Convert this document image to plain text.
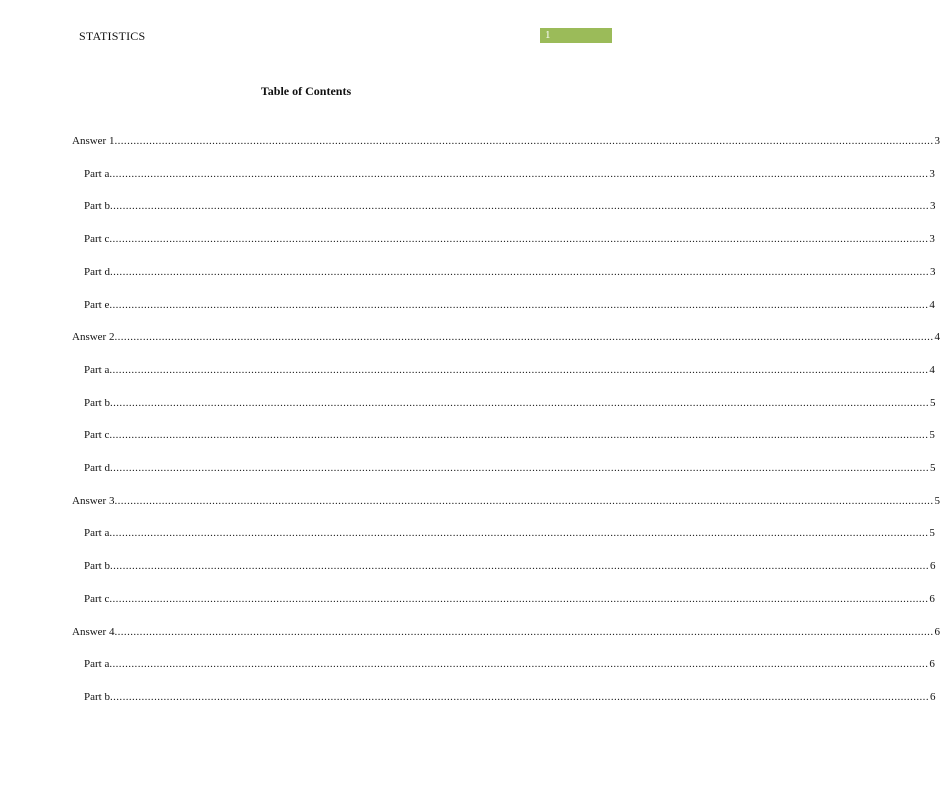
STATISTICS	1
Table of Contents
Answer 1 .................................................................................................................................................................................................................................................................... 3
Part a .................................................................................................................................................................................................................................................................... 3
Part b .................................................................................................................................................................................................................................................................... 3
Part c .................................................................................................................................................................................................................................................................... 3
Part d .................................................................................................................................................................................................................................................................... 3
Part e .................................................................................................................................................................................................................................................................... 4
Answer 2 .................................................................................................................................................................................................................................................................... 4
Part a .................................................................................................................................................................................................................................................................... 4
Part b .................................................................................................................................................................................................................................................................... 5
Part c .................................................................................................................................................................................................................................................................... 5
Part d .................................................................................................................................................................................................................................................................... 5
Answer 3 .................................................................................................................................................................................................................................................................... 5
Part a .................................................................................................................................................................................................................................................................... 5
Part b .................................................................................................................................................................................................................................................................... 6
Part c .................................................................................................................................................................................................................................................................... 6
Answer 4 .................................................................................................................................................................................................................................................................... 6
Part a .................................................................................................................................................................................................................................................................... 6
Part b .................................................................................................................................................................................................................................................................... 6
